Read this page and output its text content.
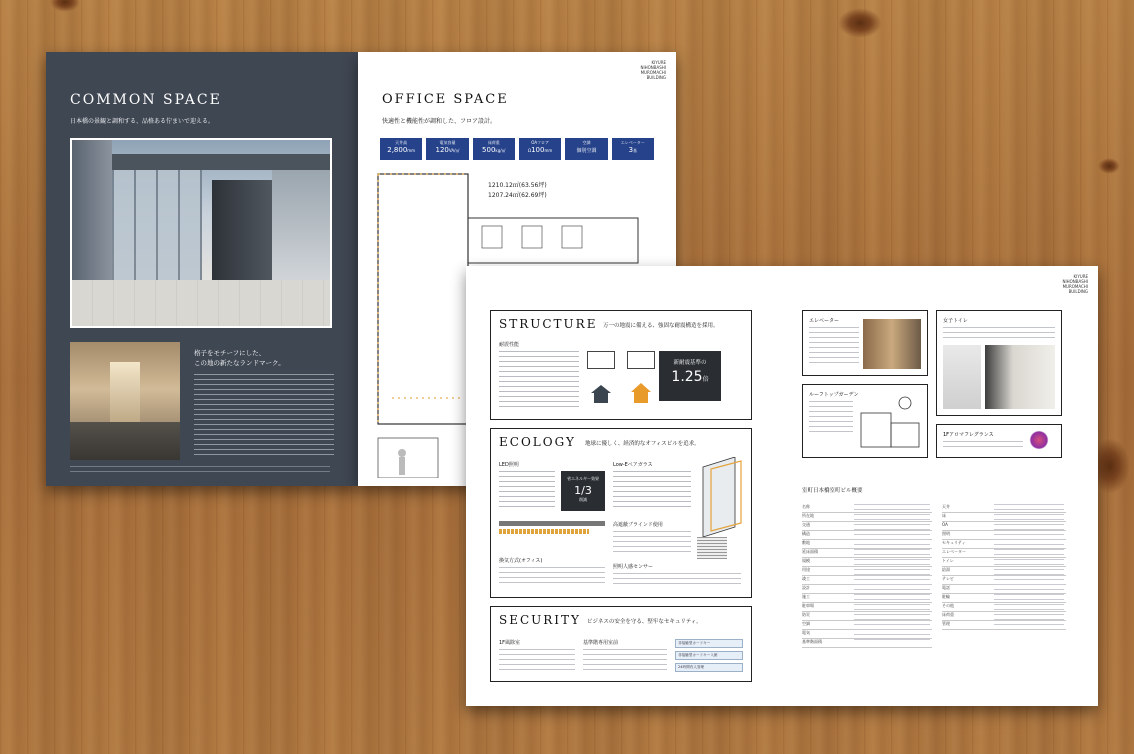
COMMON SPACE
日本橋の景観と調和する、品格ある佇まいで迎える。
格子をモチーフにした、
この地の新たなランドマーク。
KIYURE
NIHONBASHI
MUROMACHI
BUILDING
OFFICE SPACE
快適性と機能性が調和した、フロア設計。
天井高
2,800mm
電気容量
120VA/㎡
床荷重
500kg/㎡
OAフロア
Ω100mm
空調
個別空調
エレベーター
3基
1210.12㎡(63.56坪)
1207.24㎡(62.69坪)
KIYURE
NIHONBASHI
MUROMACHI
BUILDING
STRUCTURE 万一の地震に備える、強固な耐震構造を採用。
耐震性能
新耐震基準の
1.25倍
ECOLOGY 地球に優しく、経済的なオフィスビルを追求。
LED照明
省エネルギー効果
1/3
削減
換気方式(オフィス)
Low-Eペアガラス
高遮蔽ブラインド使用
照明人感センサー
SECURITY ビジネスの安全を守る、堅牢なセキュリティ。
1F風除室	基準階専用室前	非接触型カードキー
非接触型カードキー入館
24時間有人管理
エレベーター	女子トイレ
ルーフトップガーデン
1Fアロマフレグランス
室町日本橋室町ビル概要
名称
所在地
交通
構造
敷地
延床面積
規模
用途
竣工
設計
施工
駐車場
防災
空調
電気
基準階面積
天井
床
OA
照明
セキュリティ
エレベーター
トイレ
給湯
テレビ
電話
駐輪
その他
床荷重
管理
